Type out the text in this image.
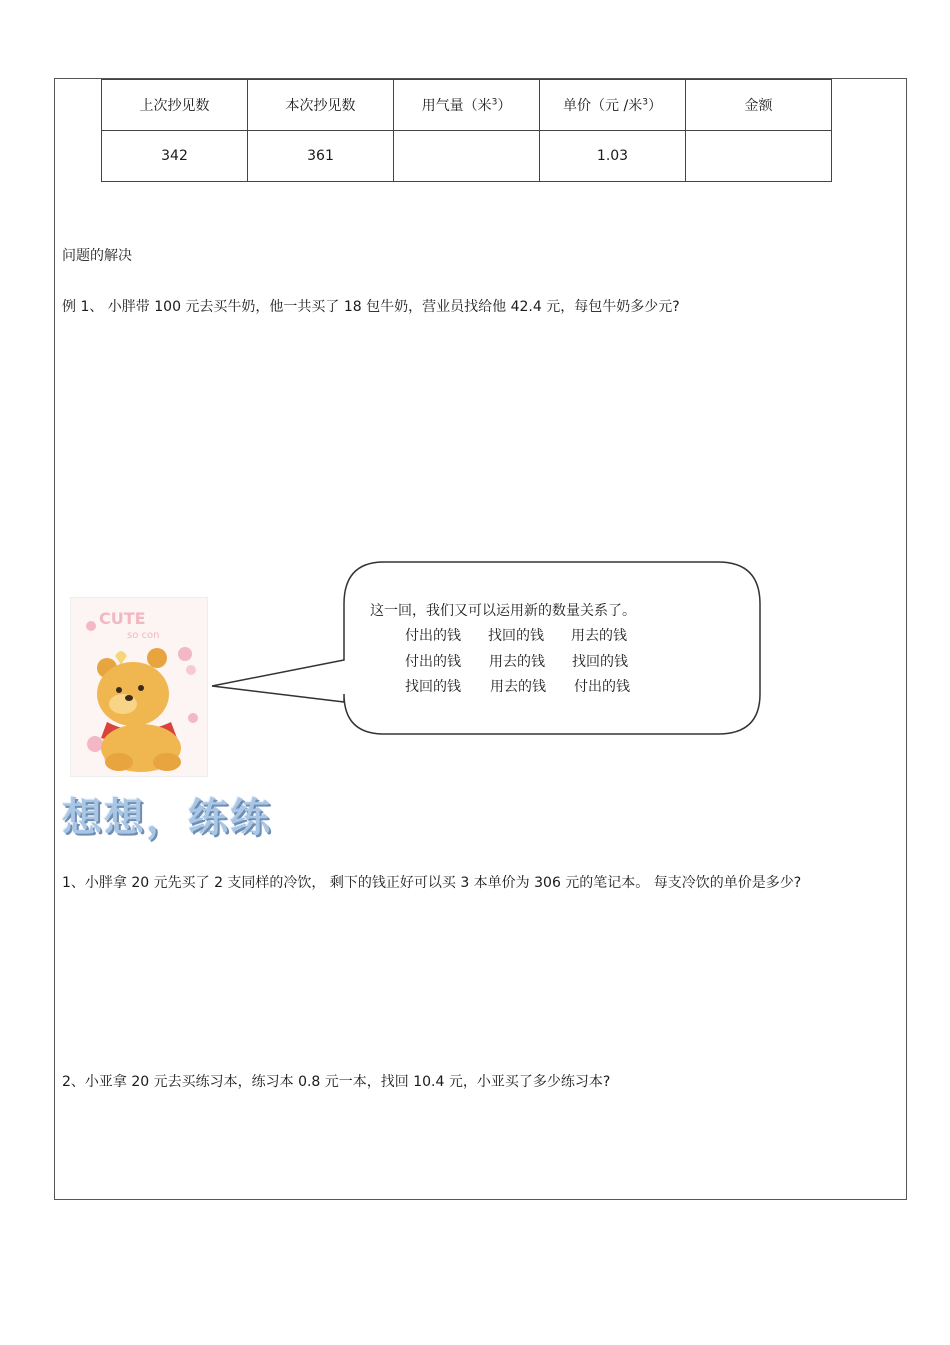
上次抄见数	本次抄见数	用气量（米$^3$）	单价（元 /米$^3$）	金额
342	361		1.03	
问题的解决
例 1、 小胖带 100 元去买牛奶，他一共买了 18 包牛奶，营业员找给他 42.4 元，每包牛奶多少元?
CUTE
so con
这一回，我们又可以运用新的数量关系了。
付出的钱 找回的钱 用去的钱
付出的钱 用去的钱 找回的钱
找回的钱 用去的钱 付出的钱
想想，练练
1、小胖拿 20 元先买了 2 支同样的冷饮， 剩下的钱正好可以买 3 本单价为 306 元的笔记本。 每支冷饮的单价是多少?
2、小亚拿 20 元去买练习本，练习本 0.8 元一本，找回 10.4 元，小亚买了多少练习本?
